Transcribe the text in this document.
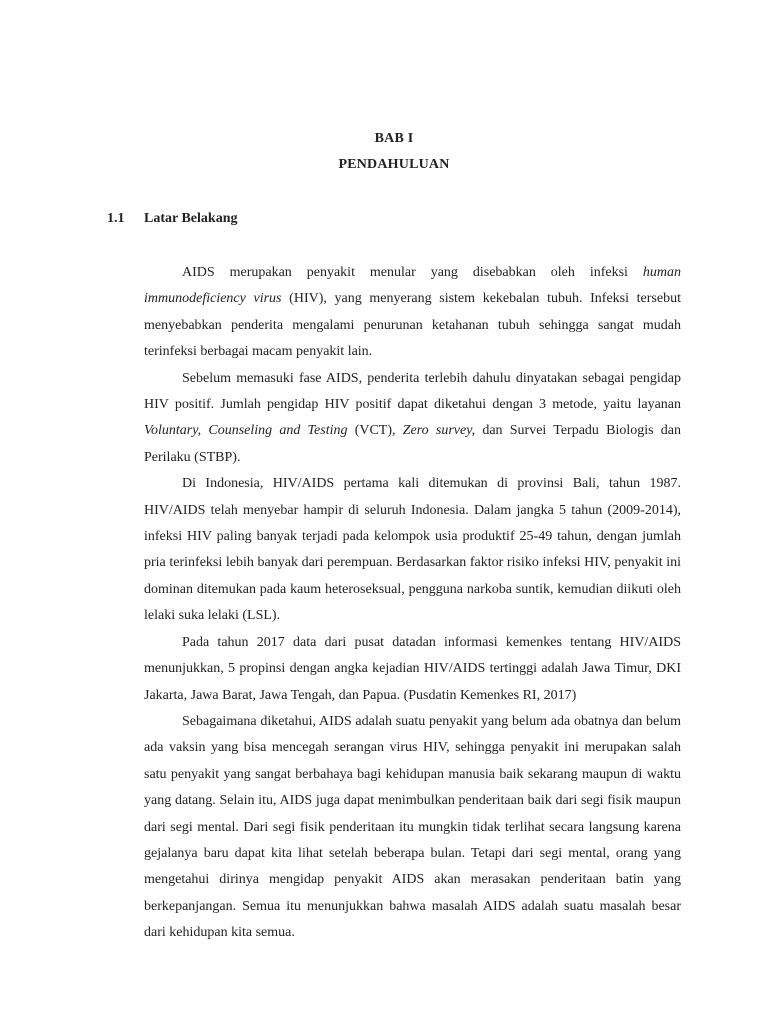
BAB I
PENDAHULUAN
1.1 Latar Belakang

AIDS merupakan penyakit menular yang disebabkan oleh infeksi human immunodeficiency virus (HIV), yang menyerang sistem kekebalan tubuh. Infeksi tersebut menyebabkan penderita mengalami penurunan ketahanan tubuh sehingga sangat mudah terinfeksi berbagai macam penyakit lain.

Sebelum memasuki fase AIDS, penderita terlebih dahulu dinyatakan sebagai pengidap HIV positif. Jumlah pengidap HIV positif dapat diketahui dengan 3 metode, yaitu layanan Voluntary, Counseling and Testing (VCT), Zero survey, dan Survei Terpadu Biologis dan Perilaku (STBP).

Di Indonesia, HIV/AIDS pertama kali ditemukan di provinsi Bali, tahun 1987. HIV/AIDS telah menyebar hampir di seluruh Indonesia. Dalam jangka 5 tahun (2009-2014), infeksi HIV paling banyak terjadi pada kelompok usia produktif 25-49 tahun, dengan jumlah pria terinfeksi lebih banyak dari perempuan. Berdasarkan faktor risiko infeksi HIV, penyakit ini dominan ditemukan pada kaum heteroseksual, pengguna narkoba suntik, kemudian diikuti oleh lelaki suka lelaki (LSL).

Pada tahun 2017 data dari pusat datadan informasi kemenkes tentang HIV/AIDS menunjukkan, 5 propinsi dengan angka kejadian HIV/AIDS tertinggi adalah Jawa Timur, DKI Jakarta, Jawa Barat, Jawa Tengah, dan Papua. (Pusdatin Kemenkes RI, 2017)

Sebagaimana diketahui, AIDS adalah suatu penyakit yang belum ada obatnya dan belum ada vaksin yang bisa mencegah serangan virus HIV, sehingga penyakit ini merupakan salah satu penyakit yang sangat berbahaya bagi kehidupan manusia baik sekarang maupun di waktu yang datang. Selain itu, AIDS juga dapat menimbulkan penderitaan baik dari segi fisik maupun dari segi mental. Dari segi fisik penderitaan itu mungkin tidak terlihat secara langsung karena gejalanya baru dapat kita lihat setelah beberapa bulan. Tetapi dari segi mental, orang yang mengetahui dirinya mengidap penyakit AIDS akan merasakan penderitaan batin yang berkepanjangan. Semua itu menunjukkan bahwa masalah AIDS adalah suatu masalah besar dari kehidupan kita semua.
